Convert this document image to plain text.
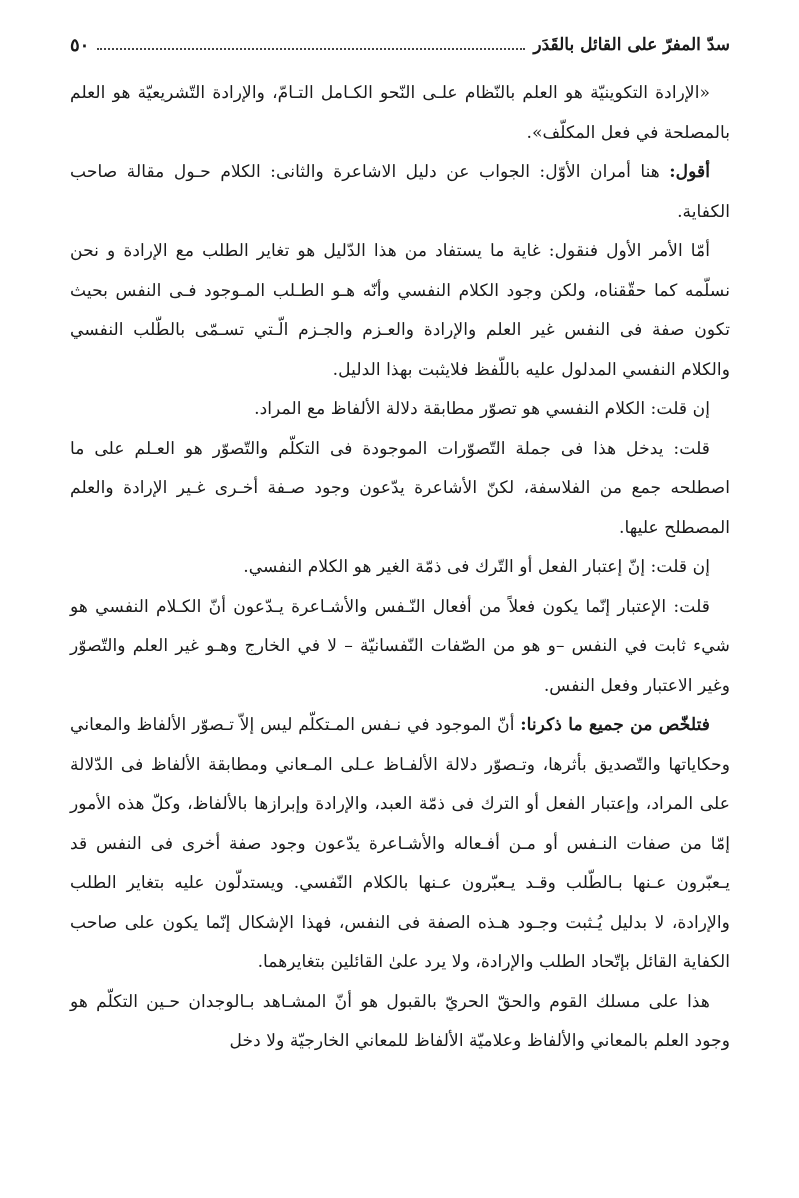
سدّ المفرّ على القائل بالقَدَر
٥٠

«الإرادة التكوينيّة هو العلم بالنّظام علـى النّحو الكـامل التـامّ، والإرادة التّشريعيّة هو العلم بالمصلحة في فعل المكلّف».

أقول: هنا أمران الأوّل: الجواب عن دليل الاشاعرة والثانى: الكلام حـول مقالة صاحب الكفاية.

أمّا الأمر الأول فنقول: غاية ما يستفاد من هذا الدّليل هو تغاير الطلب مع الإرادة و نحن نسلّمه كما حقّقناه، ولكن وجود الكلام النفسي وأنّه هـو الطـلب المـوجود فـى النفس بحيث تكون صفة فى النفس غير العلم والإرادة والعـزم والجـزم الّـتي تسـمّى بالطّلب النفسي والكلام النفسي المدلول عليه باللّفظ فلايثبت بهذا الدليل.

إن قلت: الكلام النفسي هو تصوّر مطابقة دلالة الألفاظ مع المراد.

قلت: يدخل هذا فى جملة التّصوّرات الموجودة فى التكلّم والتّصوّر هو العـلم على ما اصطلحه جمع من الفلاسفة، لكنّ الأشاعرة يدّعون وجود صـفة أخـرى غـير الإرادة والعلم المصطلح عليها.

إن قلت: إنّ إعتبار الفعل أو التّرك فى ذمّة الغير هو الكلام النفسي.

قلت: الإعتبار إنّما يكون فعلاً من أفعال النّـفس والأشـاعرة يـدّعون أنّ الكـلام النفسي هو شيء ثابت في النفس –و هو من الصّفات النّفسانيّة – لا في الخارج وهـو غير العلم والتّصوّر وغير الاعتبار وفعل النفس.

فتلخّص من جميع ما ذكرنا: أنّ الموجود في نـفس المـتكلّم ليس إلاّ تـصوّر الألفاظ والمعاني وحكاياتها والتّصديق بأثرها، وتـصوّر دلالة الألفـاظ عـلى المـعاني ومطابقة الألفاظ فى الدّلالة على المراد، وإعتبار الفعل أو الترك فى ذمّة العبد، والإرادة وإبرازها بالألفاظ، وكلّ هذه الأمور إمّا من صفات النـفس أو مـن أفـعاله والأشـاعرة يدّعون وجود صفة أخرى فى النفس قد يـعبّرون عـنها بـالطّلب وقـد يـعبّرون عـنها بالكلام النّفسي. ويستدلّون عليه بتغاير الطلب والإرادة، لا بدليل يُـثبت وجـود هـذه الصفة فى النفس، فهذا الإشكال إنّما يكون على صاحب الكفاية القائل بإتّحاد الطلب والإرادة، ولا يرد علىٰ القائلين بتغايرهما.

هذا على مسلك القوم والحقّ الحريّ بالقبول هو أنّ المشـاهد بـالوجدان حـين التكلّم هو وجود العلم بالمعاني والألفاظ وعلاميّة الألفاظ للمعاني الخارجيّة ولا دخل
